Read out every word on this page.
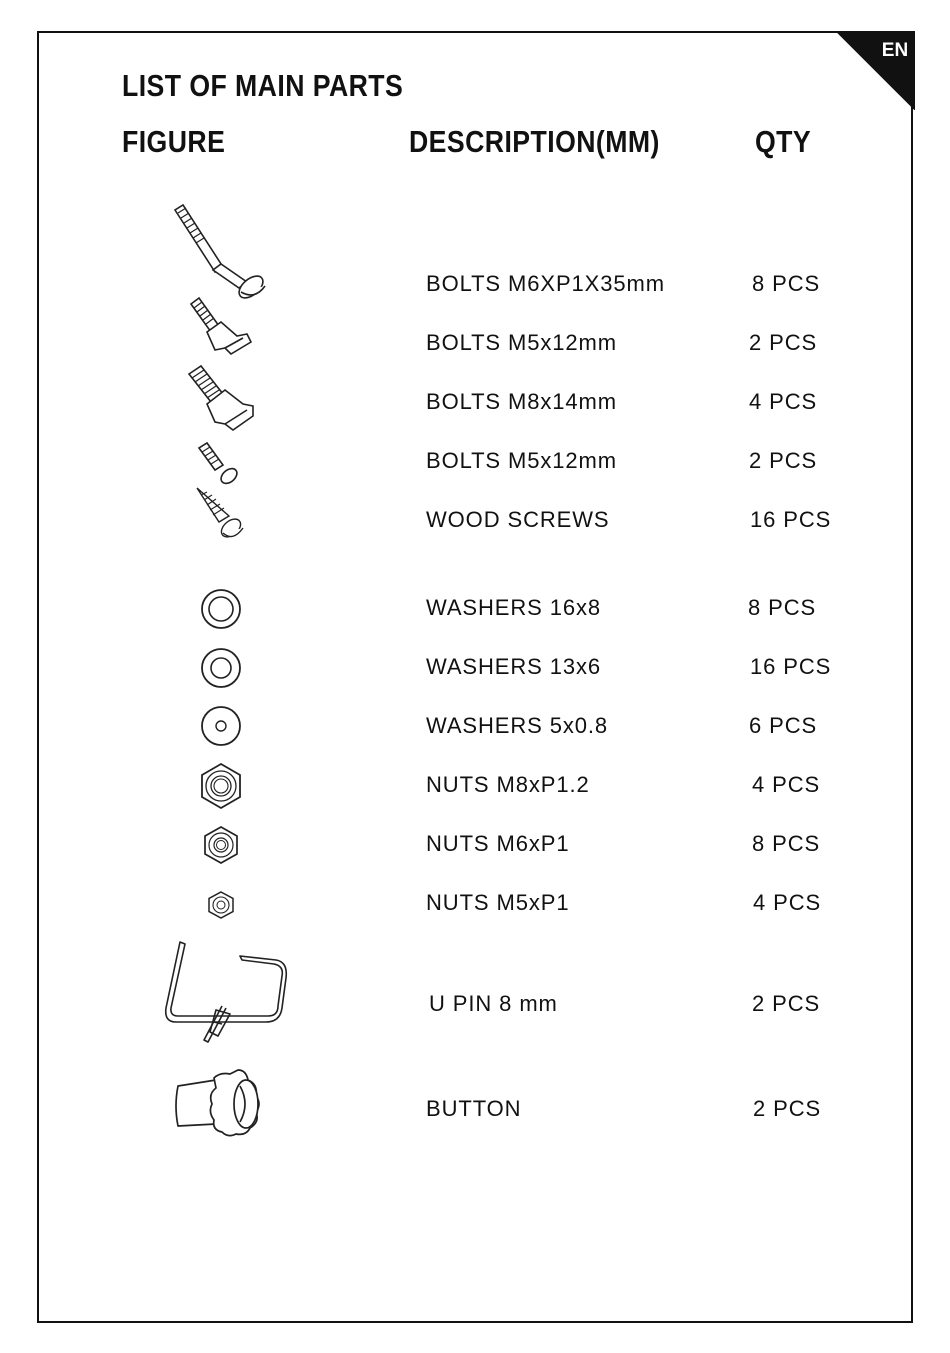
EN
LIST OF MAIN PARTS
FIGURE	DESCRIPTION(MM)	QTY
BOLTS M6XP1X35mm	8 PCS
BOLTS M5x12mm	2 PCS
BOLTS M8x14mm	4 PCS
BOLTS M5x12mm	2 PCS
WOOD SCREWS	16 PCS
WASHERS 16x8	8 PCS
WASHERS 13x6	16 PCS
WASHERS 5x0.8	6 PCS
NUTS M8xP1.2	4 PCS
NUTS M6xP1	8 PCS
NUTS M5xP1	4 PCS
U PIN 8 mm	2 PCS
BUTTON	2 PCS
